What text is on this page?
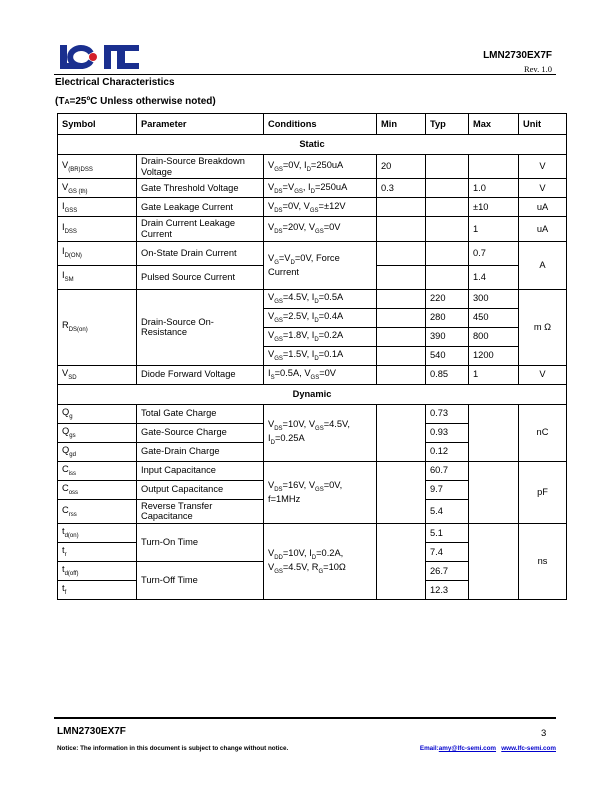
LMN2730EX7F
Rev. 1.0
Electrical Characteristics
(TA=25ºC Unless otherwise noted)
Symbol	Parameter	Conditions	Min	Typ	Max	Unit
Static						
$V_{(BR)DSS}$	Drain-Source Breakdown Voltage	$V_{GS}=0V$, $I_D=250uA$	20			V
$V_{GS (th)}$	Gate Threshold Voltage	$V_{DS}=V_{GS}$, $I_D=250uA$	0.3		1.0	V
$I_{GSS}$	Gate Leakage Current	$V_{DS}=0V$, $V_{GS}=\pm 12V$			±10	uA
$I_{DSS}$	Drain Current Leakage Current	$V_{DS}=20V$, $V_{GS}=0V$			1	uA
$I_{D(ON)}$	On-State Drain Current	$V_G=V_D=0V$, Force Current			0.7	A
$I_{SM}$	Pulsed Source Current				1.4	
$R_{DS(on)}$	Drain-Source On-Resistance	$V_{GS}=4.5V$, $I_D=0.5A$		220	300	m Ω
		$V_{GS}=2.5V$, $I_D=0.4A$		280	450	
		$V_{GS}=1.8V$, $I_D=0.2A$		390	800	
		$V_{GS}=1.5V$, $I_D=0.1A$		540	1200	
$V_{SD}$	Diode Forward Voltage	$I_S=0.5A$, $V_{GS}=0V$		0.85	1	V
Dynamic						
$Q_g$	Total Gate Charge	$V_{DS}=10V$, $V_{GS}=4.5V$, $I_D=0.25A$		0.73		nC
$Q_{gs}$	Gate-Source Charge			0.93		
$Q_{gd}$	Gate-Drain Charge			0.12		
$C_{iss}$	Input Capacitance	$V_{DS}=16V$, $V_{GS}=0V$, f=1MHz		60.7		pF
$C_{oss}$	Output Capacitance			9.7		
$C_{rss}$	Reverse Transfer Capacitance			5.4		
$t_{d(on)}$	Turn-On Time	$V_{DD}=10V$, $I_D=0.2A$, $V_{GS}=4.5V$, $R_G=10\Omega$		5.1		ns
$t_r$				7.4		
$t_{d(off)}$	Turn-Off Time			26.7		
$t_f$				12.3		
LMN2730EX7F	3
Notice: The information in this document is subject to change without notice.	Email:amy@lfc-semi.com www.lfc-semi.com
